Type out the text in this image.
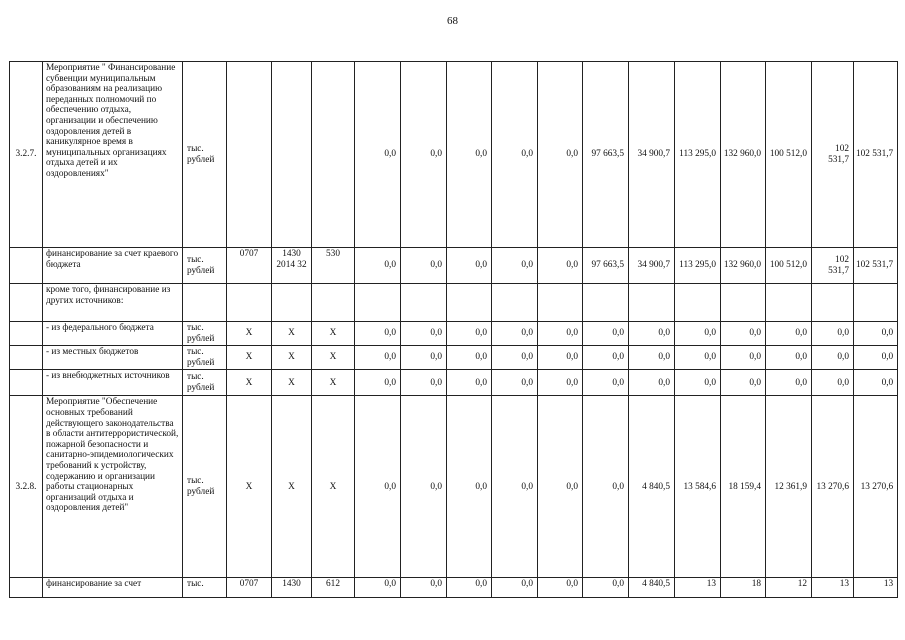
68
3.2.7.	Мероприятие " Финансирование субвенции муниципальным образованиям на реализацию переданных полномочий по обеспечению отдыха, организации и обеспечению оздоровления детей в каникулярное время в муниципальных организациях отдыха детей и их оздоровлениях"	тыс. рублей				0,0	0,0	0,0	0,0	0,0	97 663,5	34 900,7	113 295,0	132 960,0	100 512,0	102 531,7	102 531,7
	финансирование за счет краевого бюджета	тыс. рублей	0707	1430 2014 32	530	0,0	0,0	0,0	0,0	0,0	97 663,5	34 900,7	113 295,0	132 960,0	100 512,0	102 531,7	102 531,7
	кроме того, финансирование из других источников:																
	- из федерального бюджета	тыс. рублей	Х	Х	Х	0,0	0,0	0,0	0,0	0,0	0,0	0,0	0,0	0,0	0,0	0,0	0,0
	- из местных бюджетов	тыс. рублей	Х	Х	Х	0,0	0,0	0,0	0,0	0,0	0,0	0,0	0,0	0,0	0,0	0,0	0,0
	- из внебюджетных источников	тыс. рублей	Х	Х	Х	0,0	0,0	0,0	0,0	0,0	0,0	0,0	0,0	0,0	0,0	0,0	0,0
3.2.8.	Мероприятие "Обеспечение основных требований действующего законодательства в области антитеррористической, пожарной безопасности и санитарно-эпидемиологических требований к устройству, содержанию и организации работы стационарных организаций отдыха и оздоровления детей"	тыс. рублей	Х	Х	Х	0,0	0,0	0,0	0,0	0,0	0,0	4 840,5	13 584,6	18 159,4	12 361,9	13 270,6	13 270,6
	финансирование за счет	тыс.	0707	1430	612	0,0	0,0	0,0	0,0	0,0	0,0	4 840,5	13	18	12	13	13
